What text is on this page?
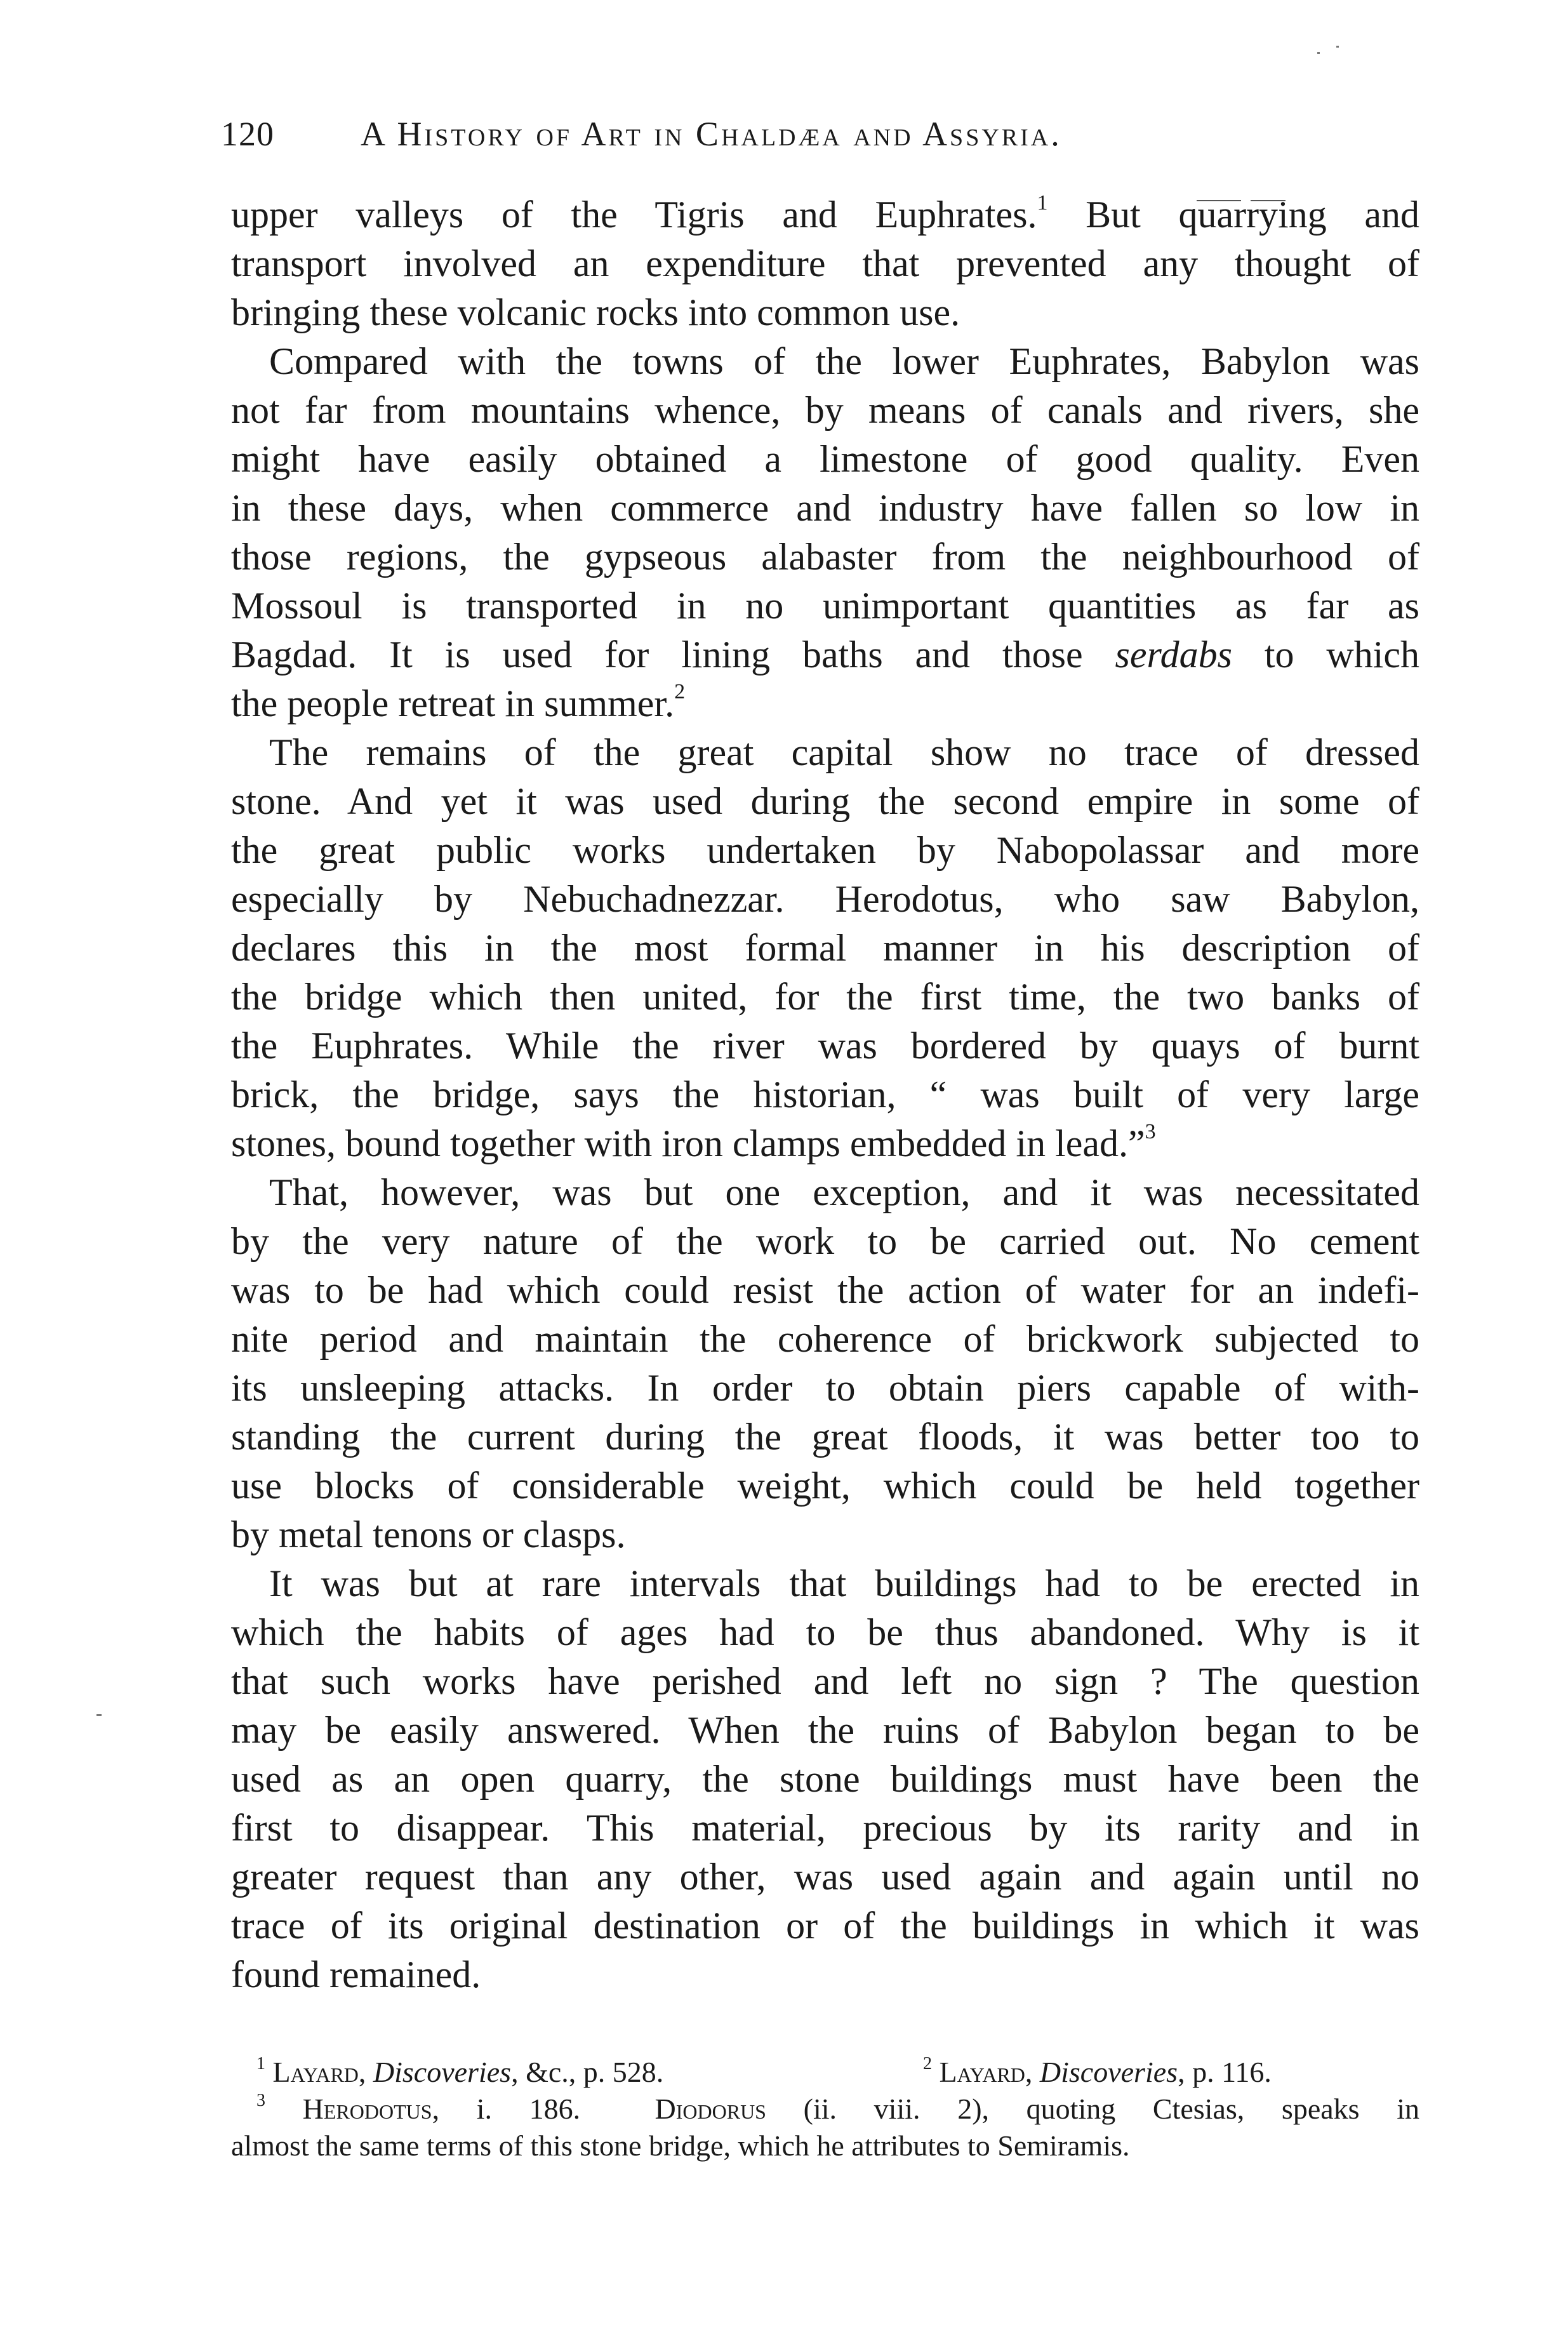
120	A History of Art in Chaldæa and Assyria.
upper valleys of the Tigris and Euphrates.$^1$ But quarrying and
transport involved an expenditure that prevented any thought of
bringing these volcanic rocks into common use.
Compared with the towns of the lower Euphrates, Babylon was
not far from mountains whence, by means of canals and rivers, she
might have easily obtained a limestone of good quality. Even
in these days, when commerce and industry have fallen so low in
those regions, the gypseous alabaster from the neighbourhood of
Mossoul is transported in no unimportant quantities as far as
Bagdad. It is used for lining baths and those serdabs to which
the people retreat in summer.$^2$
The remains of the great capital show no trace of dressed
stone. And yet it was used during the second empire in some of
the great public works undertaken by Nabopolassar and more
especially by Nebuchadnezzar. Herodotus, who saw Babylon,
declares this in the most formal manner in his description of
the bridge which then united, for the first time, the two banks of
the Euphrates. While the river was bordered by quays of burnt
brick, the bridge, says the historian, “ was built of very large
stones, bound together with iron clamps embedded in lead.”$^3$
That, however, was but one exception, and it was necessitated
by the very nature of the work to be carried out. No cement
was to be had which could resist the action of water for an indefi-
nite period and maintain the coherence of brickwork subjected to
its unsleeping attacks. In order to obtain piers capable of with-
standing the current during the great floods, it was better too to
use blocks of considerable weight, which could be held together
by metal tenons or clasps.
It was but at rare intervals that buildings had to be erected in
which the habits of ages had to be thus abandoned. Why is it
that such works have perished and left no sign ? The question
may be easily answered. When the ruins of Babylon began to be
used as an open quarry, the stone buildings must have been the
first to disappear. This material, precious by its rarity and in
greater request than any other, was used again and again until no
trace of its original destination or of the buildings in which it was
found remained.
$^1$ Layard, Discoveries, &c., p. 528.	$^2$ Layard, Discoveries, p. 116.
$^3$ Herodotus, i. 186.  Diodorus (ii. viii. 2), quoting Ctesias, speaks in
almost the same terms of this stone bridge, which he attributes to Semiramis.
